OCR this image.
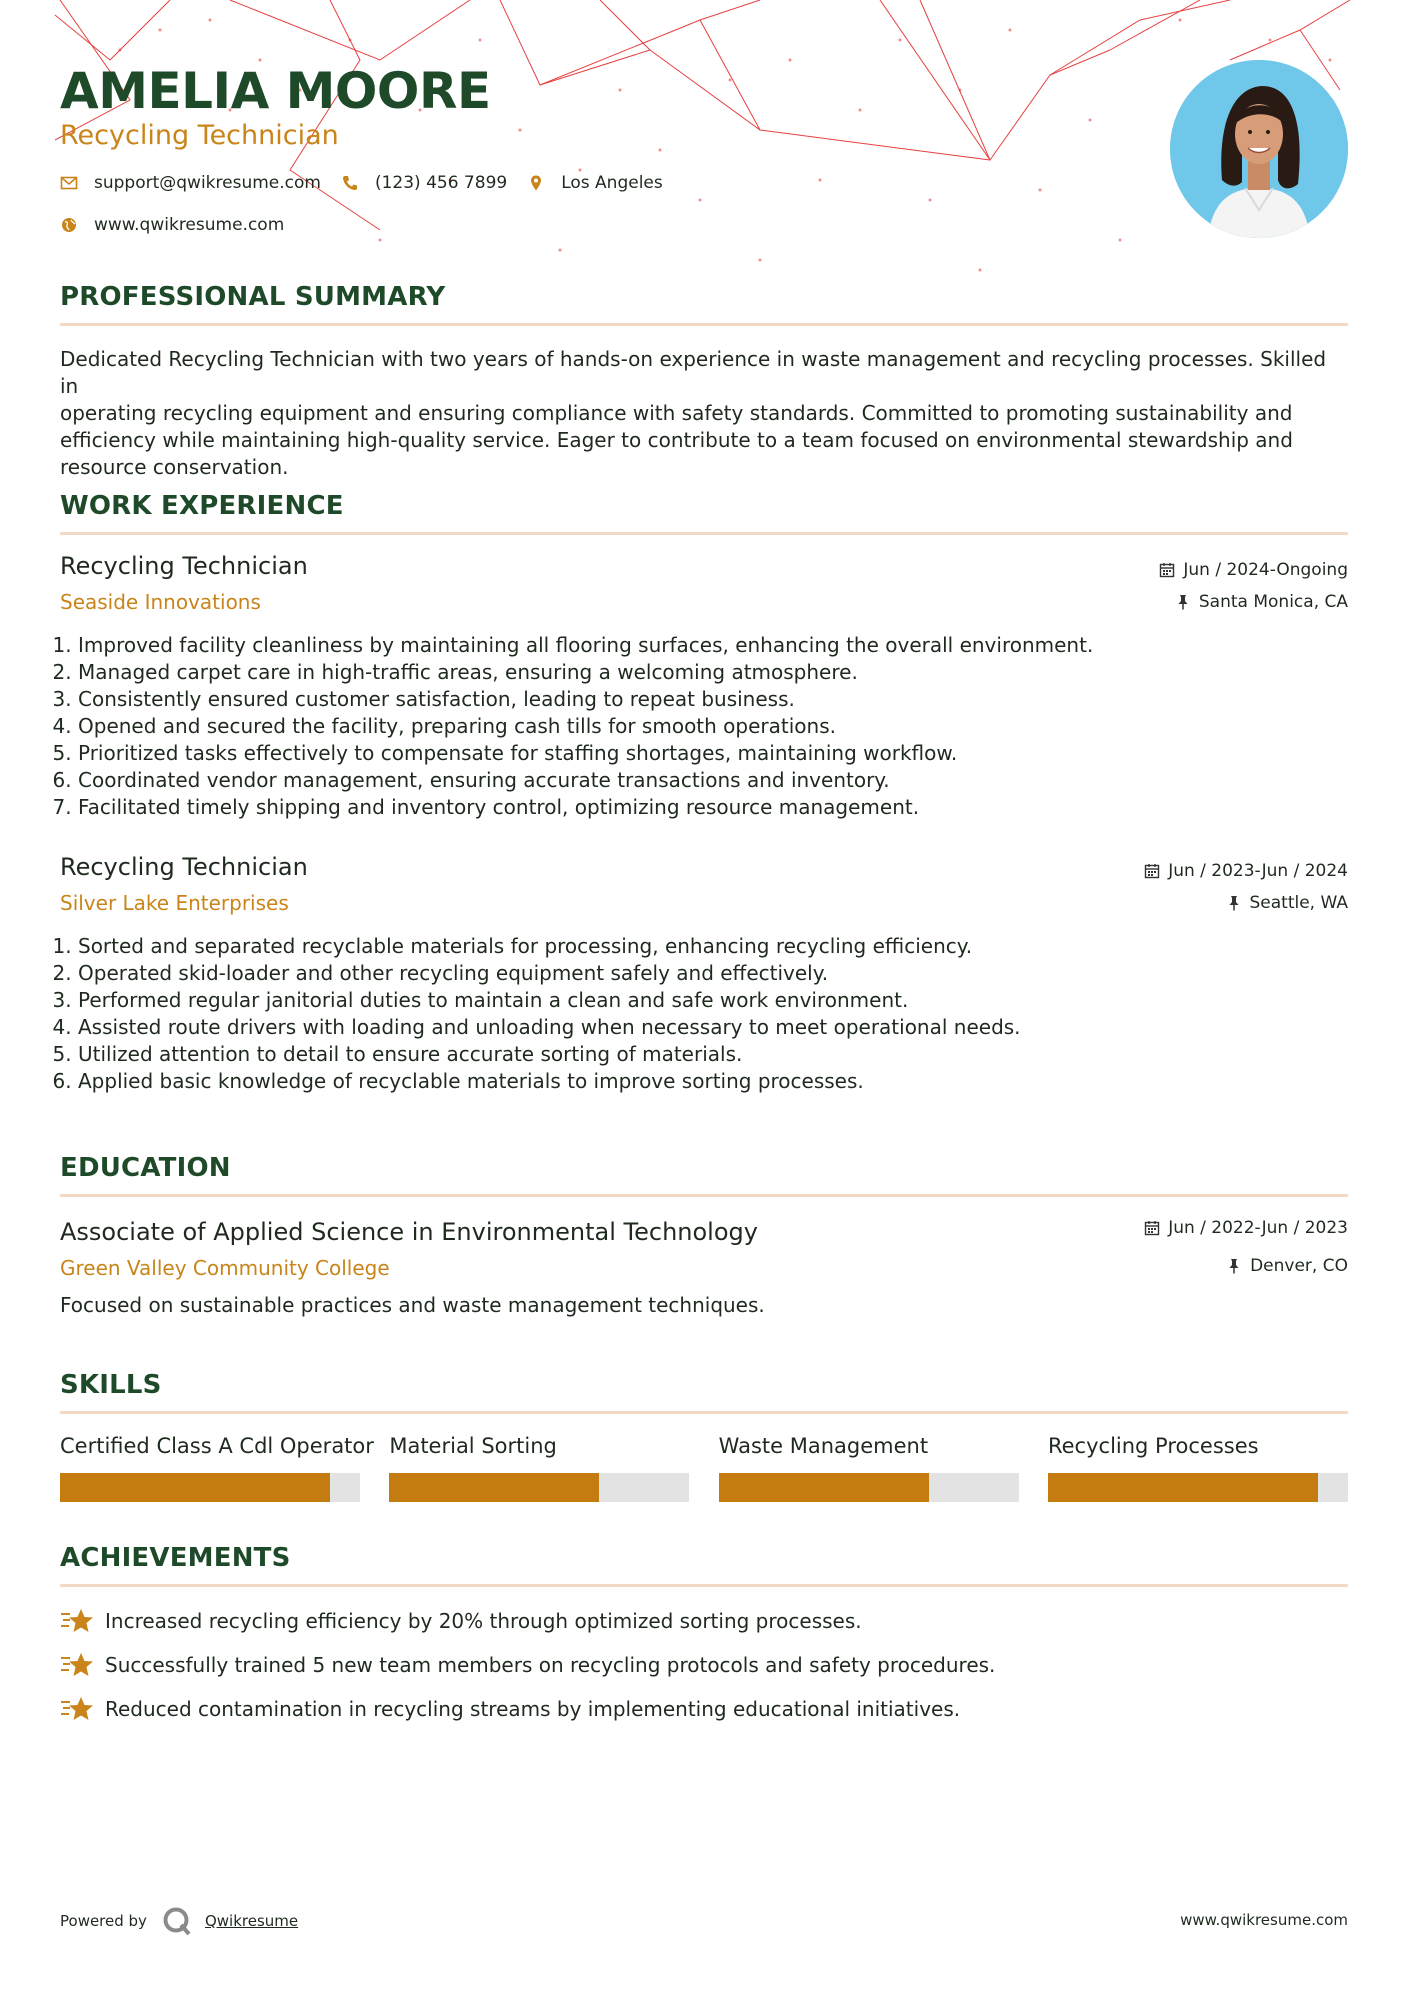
AMELIA MOORE
Recycling Technician
support@qwikresume.com	(123) 456 7899	Los Angeles
www.qwikresume.com
PROFESSIONAL SUMMARY
Dedicated Recycling Technician with two years of hands-on experience in waste management and recycling processes. Skilled in
operating recycling equipment and ensuring compliance with safety standards. Committed to promoting sustainability and
efficiency while maintaining high-quality service. Eager to contribute to a team focused on environmental stewardship and
resource conservation.
WORK EXPERIENCE
Recycling Technician
Seaside Innovations
Jun / 2024-Ongoing
Santa Monica, CA
1. Improved facility cleanliness by maintaining all flooring surfaces, enhancing the overall environment.
2. Managed carpet care in high-traffic areas, ensuring a welcoming atmosphere.
3. Consistently ensured customer satisfaction, leading to repeat business.
4. Opened and secured the facility, preparing cash tills for smooth operations.
5. Prioritized tasks effectively to compensate for staffing shortages, maintaining workflow.
6. Coordinated vendor management, ensuring accurate transactions and inventory.
7. Facilitated timely shipping and inventory control, optimizing resource management.
Recycling Technician
Silver Lake Enterprises
Jun / 2023-Jun / 2024
Seattle, WA
1. Sorted and separated recyclable materials for processing, enhancing recycling efficiency.
2. Operated skid-loader and other recycling equipment safely and effectively.
3. Performed regular janitorial duties to maintain a clean and safe work environment.
4. Assisted route drivers with loading and unloading when necessary to meet operational needs.
5. Utilized attention to detail to ensure accurate sorting of materials.
6. Applied basic knowledge of recyclable materials to improve sorting processes.
EDUCATION
Associate of Applied Science in Environmental Technology
Green Valley Community College
Jun / 2022-Jun / 2023
Denver, CO
Focused on sustainable practices and waste management techniques.
SKILLS
Certified Class A Cdl Operator Material Sorting	Waste Management	Recycling Processes
ACHIEVEMENTS
Increased recycling efficiency by 20% through optimized sorting processes.
Successfully trained 5 new team members on recycling protocols and safety procedures.
Reduced contamination in recycling streams by implementing educational initiatives.
Powered by	Qwikresume	www.qwikresume.com
